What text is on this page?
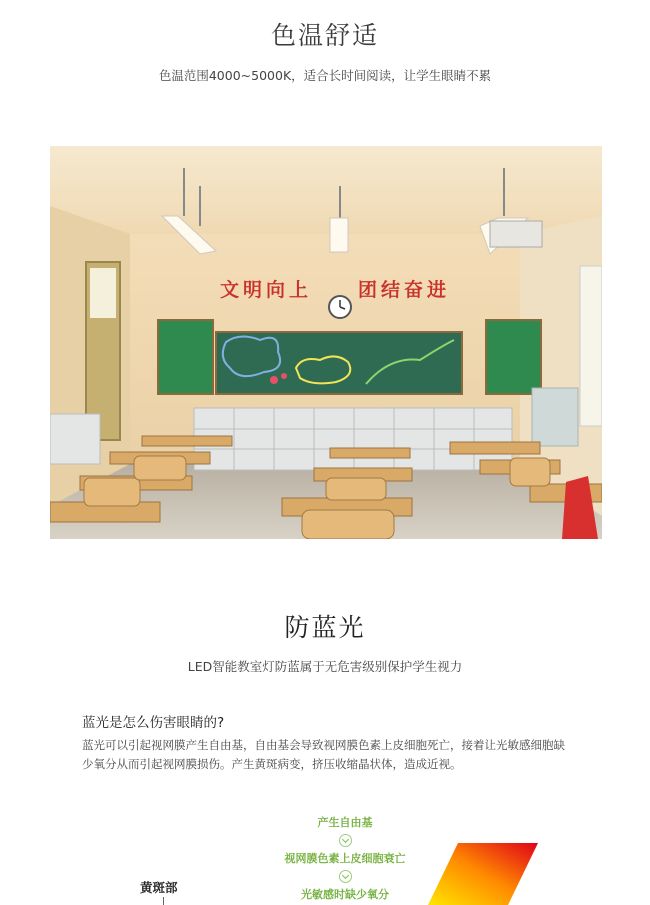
色温舒适
色温范围4000~5000K，适合长时间阅读，让学生眼睛不累
文明向上 团结奋进
防蓝光
LED智能教室灯防蓝属于无危害级别保护学生视力
蓝光是怎么伤害眼睛的?
蓝光可以引起视网膜产生自由基，自由基会导致视网膜色素上皮细胞死亡，接着让光敏感细胞缺少氧分从而引起视网膜损伤。产生黄斑病变，挤压收缩晶状体，造成近视。
产生自由基
视网膜色素上皮细胞衰亡
光敏感时缺少氧分
黄斑部
